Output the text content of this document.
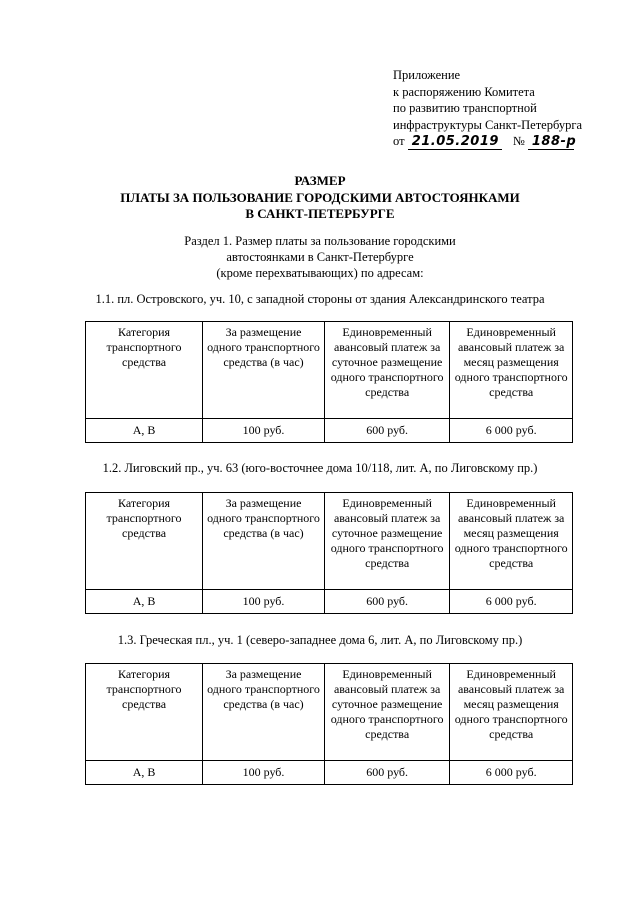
Приложение
к распоряжению Комитета
по развитию транспортной
инфраструктуры Санкт-Петербурга
от 21.05.2019 № 188-р
РАЗМЕР
ПЛАТЫ ЗА ПОЛЬЗОВАНИЕ ГОРОДСКИМИ АВТОСТОЯНКАМИ
В САНКТ-ПЕТЕРБУРГЕ
Раздел 1. Размер платы за пользование городскими
автостоянками в Санкт-Петербурге
(кроме перехватывающих) по адресам:
1.1. пл. Островского, уч. 10, с западной стороны от здания Александринского театра
Категория транспортного средства	За размещение одного транспортного средства (в час)	Единовременный авансовый платеж за суточное размещение одного транспортного средства	Единовременный авансовый платеж за месяц размещения одного транспортного средства
А, В	100 руб.	600 руб.	6 000 руб.
1.2. Лиговский пр., уч. 63 (юго-восточнее дома 10/118, лит. А, по Лиговскому пр.)
Категория транспортного средства	За размещение одного транспортного средства (в час)	Единовременный авансовый платеж за суточное размещение одного транспортного средства	Единовременный авансовый платеж за месяц размещения одного транспортного средства
А, В	100 руб.	600 руб.	6 000 руб.
1.3. Греческая пл., уч. 1 (северо-западнее дома 6, лит. А, по Лиговскому пр.)
Категория транспортного средства	За размещение одного транспортного средства (в час)	Единовременный авансовый платеж за суточное размещение одного транспортного средства	Единовременный авансовый платеж за месяц размещения одного транспортного средства
А, В	100 руб.	600 руб.	6 000 руб.
